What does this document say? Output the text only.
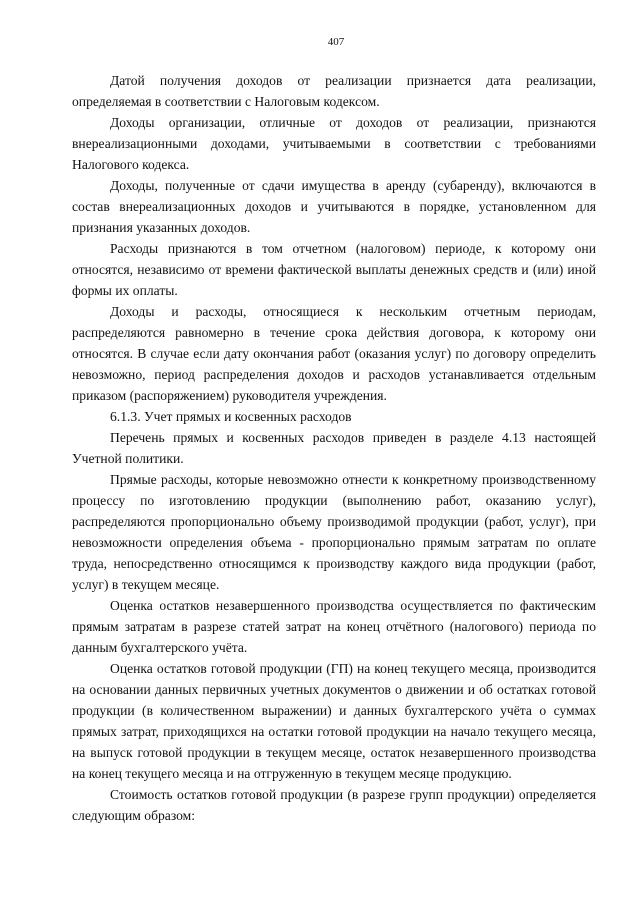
407

Датой получения доходов от реализации признается дата реализации, определяемая в соответствии с Налоговым кодексом.

Доходы организации, отличные от доходов от реализации, признаются внереализационными доходами, учитываемыми в соответствии с требованиями Налогового кодекса.

Доходы, полученные от сдачи имущества в аренду (субаренду), включаются в состав внереализационных доходов и учитываются в порядке, установленном для признания указанных доходов.

Расходы признаются в том отчетном (налоговом) периоде, к которому они относятся, независимо от времени фактической выплаты денежных средств и (или) иной формы их оплаты.

Доходы и расходы, относящиеся к нескольким отчетным периодам, распределяются равномерно в течение срока действия договора, к которому они относятся. В случае если дату окончания работ (оказания услуг) по договору определить невозможно, период распределения доходов и расходов устанавливается отдельным приказом (распоряжением) руководителя учреждения.

6.1.3. Учет прямых и косвенных расходов

Перечень прямых и косвенных расходов приведен в разделе 4.13 настоящей Учетной политики.

Прямые расходы, которые невозможно отнести к конкретному производственному процессу по изготовлению продукции (выполнению работ, оказанию услуг), распределяются пропорционально объему производимой продукции (работ, услуг), при невозможности определения объема - пропорционально прямым затратам по оплате труда, непосредственно относящимся к производству каждого вида продукции (работ, услуг) в текущем месяце.

Оценка остатков незавершенного производства осуществляется по фактическим прямым затратам в разрезе статей затрат на конец отчётного (налогового) периода по данным бухгалтерского учёта.

Оценка остатков готовой продукции (ГП) на конец текущего месяца, производится на основании данных первичных учетных документов о движении и об остатках готовой продукции (в количественном выражении) и данных бухгалтерского учёта о суммах прямых затрат, приходящихся на остатки готовой продукции на начало текущего месяца, на выпуск готовой продукции в текущем месяце, остаток незавершенного производства на конец текущего месяца и на отгруженную в текущем месяце продукцию.

Стоимость остатков готовой продукции (в разрезе групп продукции) определяется следующим образом:
